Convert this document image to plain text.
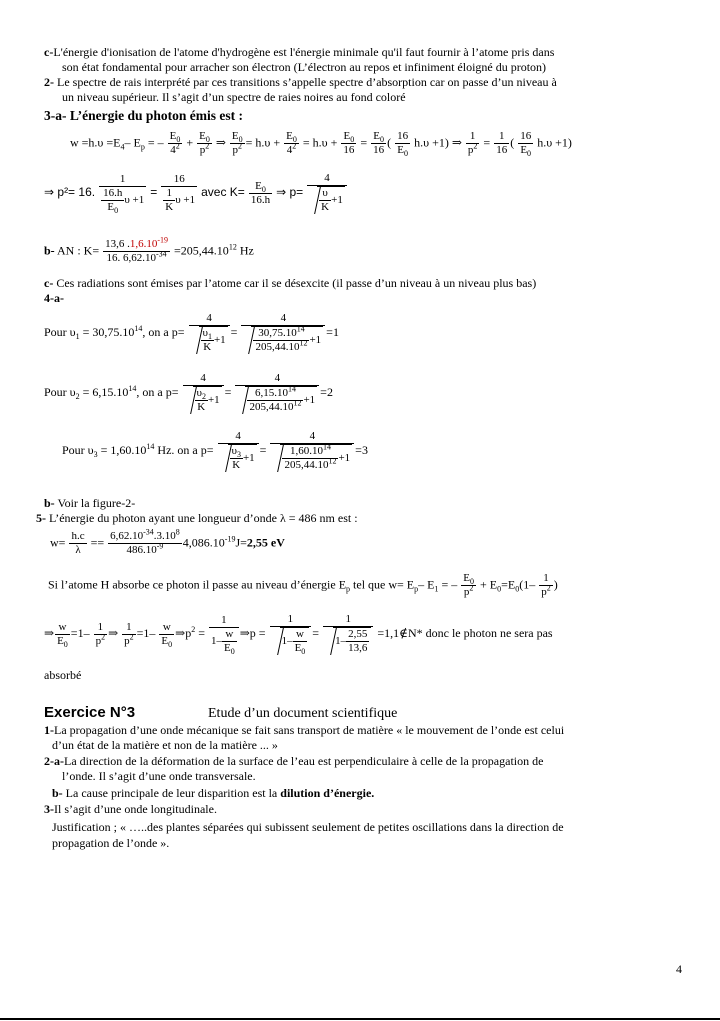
c-L'énergie d'ionisation de l'atome d'hydrogène est l'énergie minimale qu'il faut fournir à l’atome pris dans
son état fondamental pour arracher son électron (L’électron au repos et infiniment éloigné du proton)
2- Le spectre de rais interprété par ces transitions s’appelle spectre d’absorption car on passe d’un niveau à
un niveau supérieur. Il s’agit d’un spectre de raies noires au fond coloré
3-a- L’énergie du photon émis est :
$w =h.\upsilon =E_4-$ $E_p$ = – $\frac{E_0}{4^2} + \frac{E_0}{p^2}$ ⇒ $\frac{E_0}{p^2} = h.\upsilon + \frac{E_0}{4^2} = h.\upsilon + \frac{E_0}{16} = \frac{E_0}{16}$ ( $\frac{16}{E_0} h.\upsilon +1$) ⇒ $\frac{1}{p^2} = \frac{1}{16}$ ( $\frac{16}{E_0} h.\upsilon +1$)
⇒ p²= 16. $\frac{1}{\frac{16.h}{E_0} \upsilon +1} = \frac{16}{\frac{1}{K} \upsilon +1}$ avec $K= \frac{E_0}{16.h}$ ⇒ $p= \frac{4}{\frac{\upsilon}{K} +1}$
b- AN : $K= \frac{13,6 .1,6.10^{-19}}{16. 6,62.10^{-34}} =205,44.10^{12}$ Hz
c- Ces radiations sont émises par l’atome car il se désexcite (il passe d’un niveau à un niveau plus bas)
4-a-
Pour $\upsilon_1 = 30,75.10^{14}$, on a $p= \frac{4}{\frac{\upsilon_1}{K} +1} = \frac{4}{\frac{30,75.10^{14}}{205,44.10^{12}} +1} =1$
Pour $\upsilon_2 = 6,15.10^{14}$, on a $p= \frac{4}{\frac{\upsilon_2}{K} +1} = \frac{4}{\frac{6,15.10^{14}}{205,44.10^{12}} +1} =2$
Pour $\upsilon_3 = 1,60.10^{14}$ Hz. on a $p= \frac{4}{\frac{\upsilon_3}{K} +1} = \frac{4}{\frac{1,60.10^{14}}{205,44.10^{12}} +1} =3$
b- Voir la figure-2-
5- L’énergie du photon ayant une longueur d’onde λ = 486 nm est :
$w= \frac{h.c}{\lambda} == \frac{6,62.10^{-34}.3.10^8}{486.10^{-9}} 4,086.10^{-19}J=2,55$ eV
Si l’atome H absorbe ce photon il passe au niveau d’énergie $E_p$ tel que $w= E_p-$ $E_1$ = – $\frac{E_0}{p^2} + E_0=E_0(1- \frac{1}{p^2}$ )
⇒ $\frac{w}{E_0} =1- \frac{1}{p^2}$ ⇒ $\frac{1}{p^2} =1- \frac{w}{E_0}$ $\Rightarrow p^2 = \frac{1}{1- \frac{w}{E_0}}$ ⇒p = $\frac{1}{1- \frac{w}{E_0}} = \frac{1}{1- \frac{2,55}{13,6}}$ =1,1∉N* donc le photon ne sera pas
absorbé
Exercice N°3	Etude d’un document scientifique
1-La propagation d’une onde mécanique se fait sans transport de matière « le mouvement de l’onde est celui
d’un état de la matière et non de la matière ... »
2-a-La direction de la déformation de la surface de l’eau est perpendiculaire à celle de la propagation de
l’onde. Il s’agit d’une onde transversale.
b- La cause principale de leur disparition est la dilution d’énergie.
3-Il s’agit d’une onde longitudinale.
Justification ; « …..des plantes séparées qui subissent seulement de petites oscillations dans la direction de
propagation de l’onde ».
4
